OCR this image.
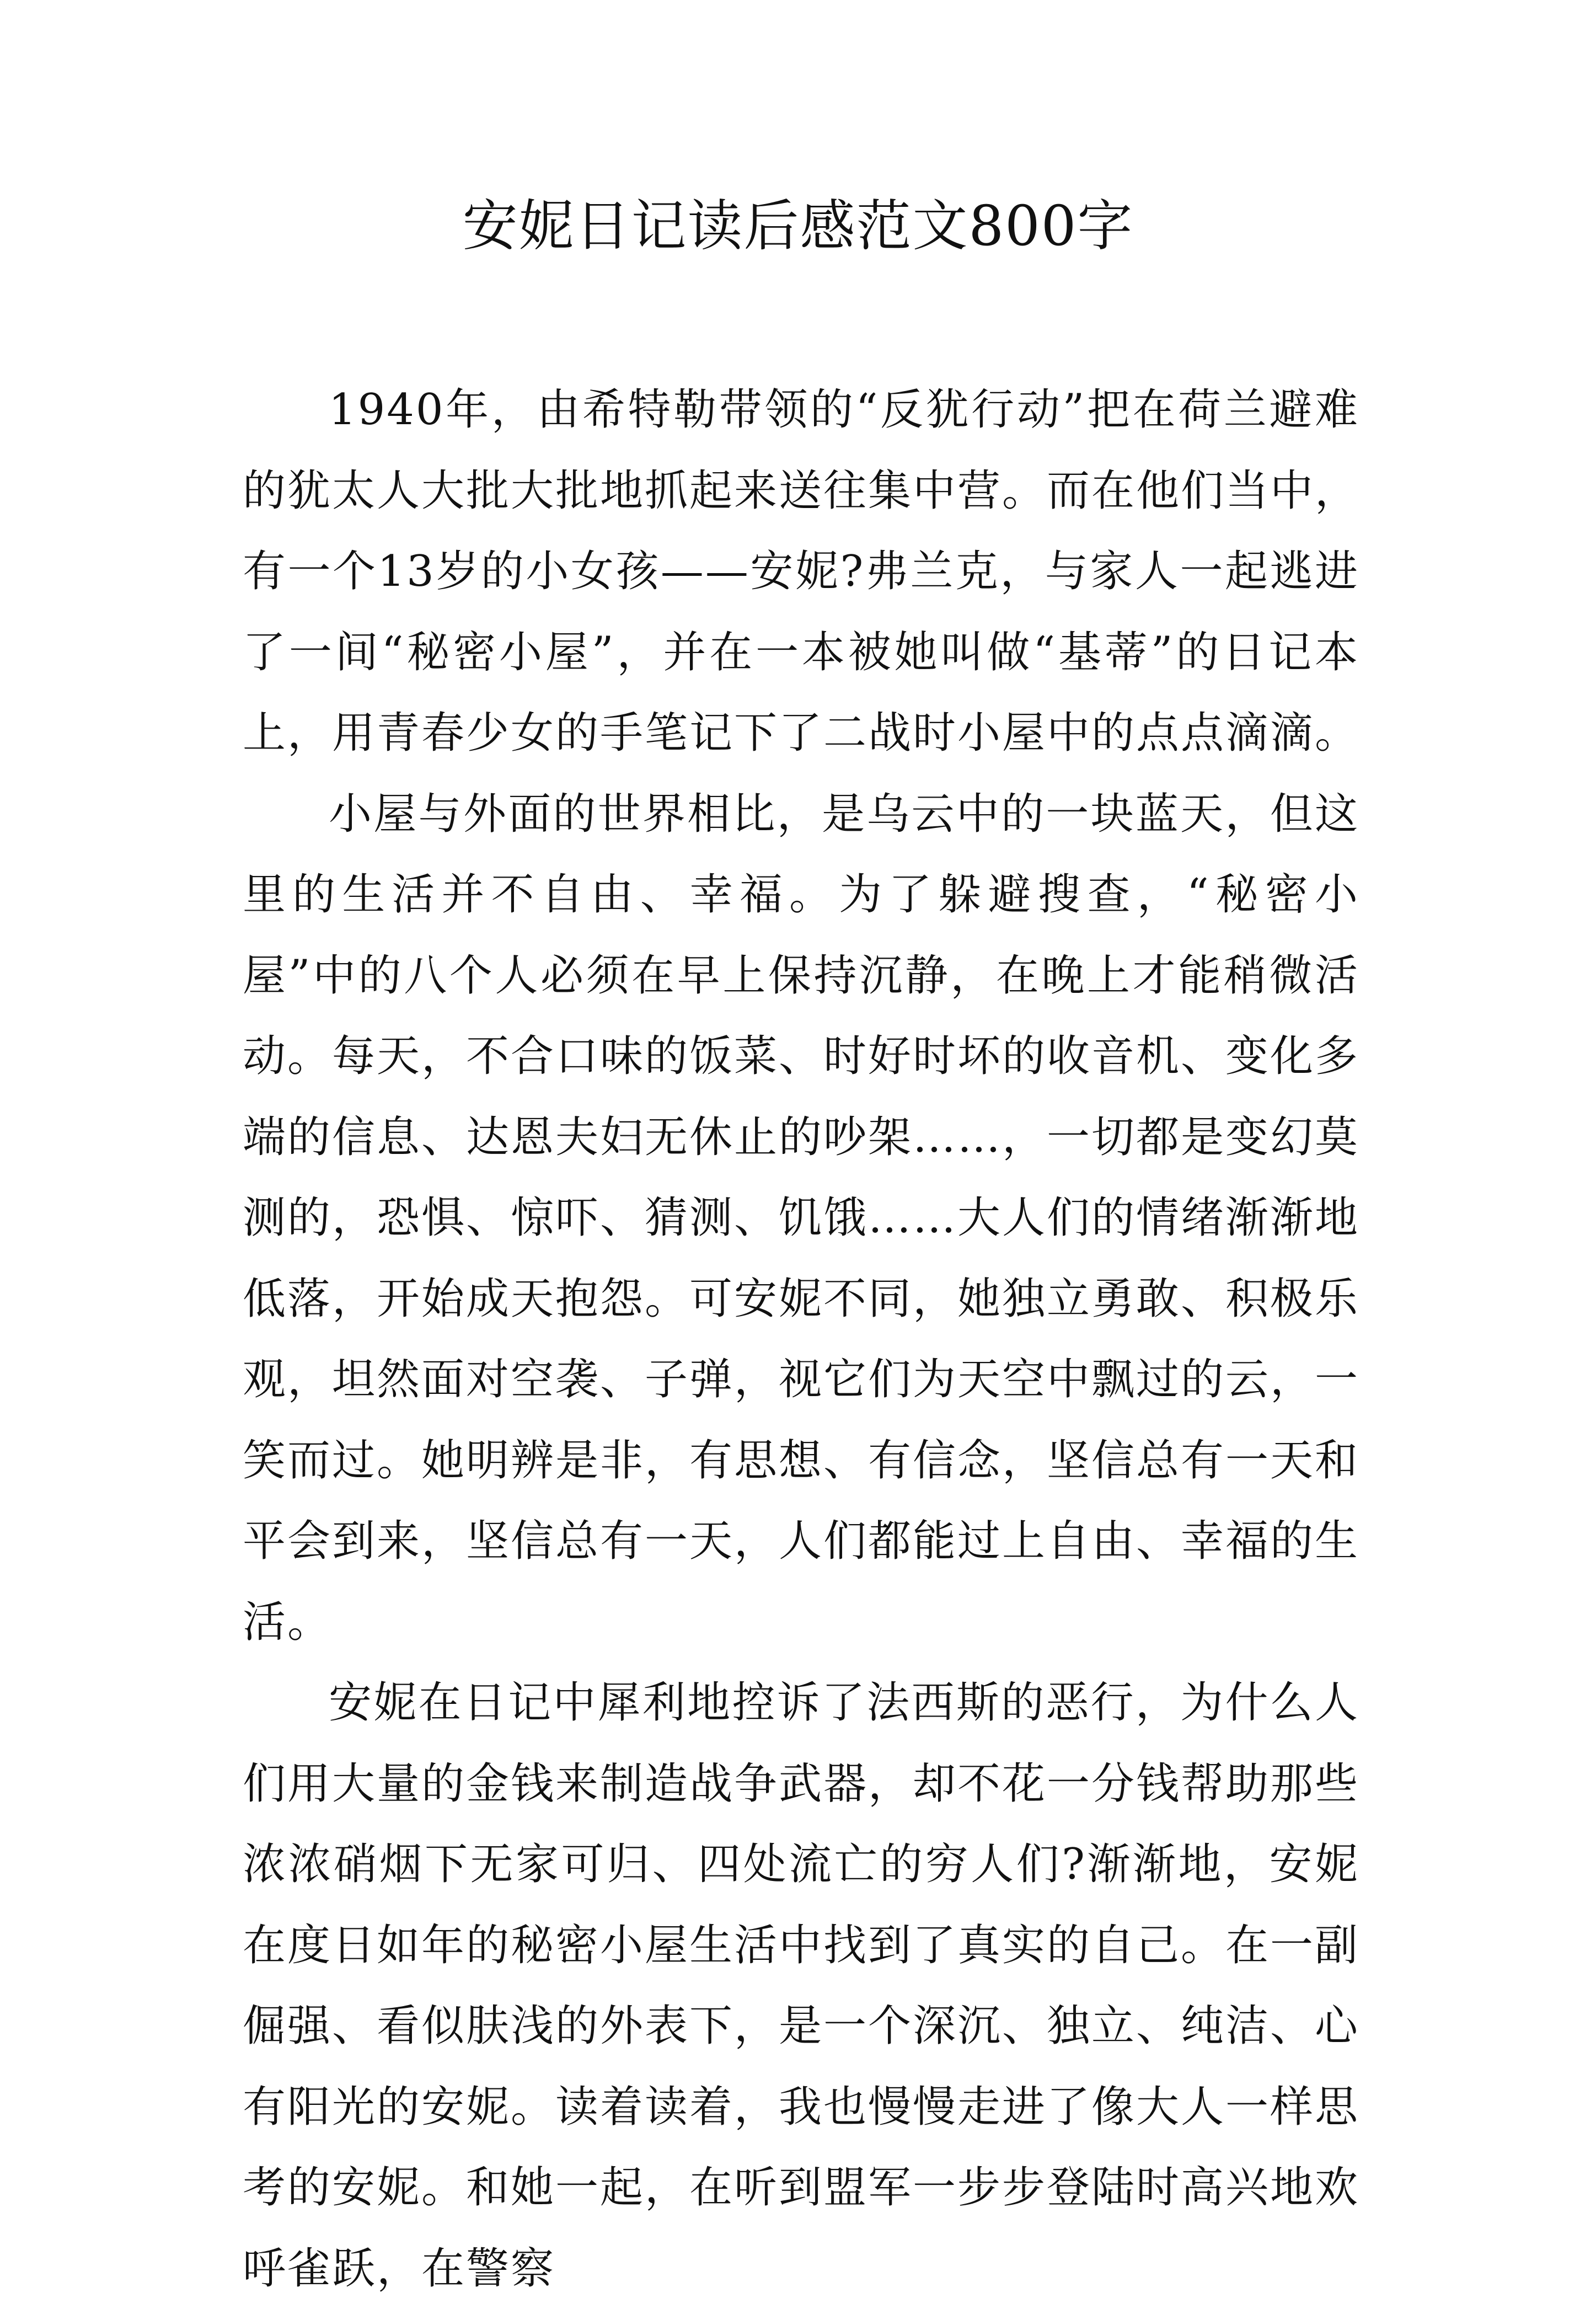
安妮日记读后感范文800字

1940年，由希特勒带领的“反犹行动”把在荷兰避难的犹太人大批大批地抓起来送往集中营。而在他们当中，有一个13岁的小女孩——安妮?弗兰克，与家人一起逃进了一间“秘密小屋”，并在一本被她叫做“基蒂”的日记本上，用青春少女的手笔记下了二战时小屋中的点点滴滴。

小屋与外面的世界相比，是乌云中的一块蓝天，但这里的生活并不自由、幸福。为了躲避搜查，“秘密小屋”中的八个人必须在早上保持沉静，在晚上才能稍微活动。每天，不合口味的饭菜、时好时坏的收音机、变化多端的信息、达恩夫妇无休止的吵架……，一切都是变幻莫测的，恐惧、惊吓、猜测、饥饿……大人们的情绪渐渐地低落，开始成天抱怨。可安妮不同，她独立勇敢、积极乐观，坦然面对空袭、子弹，视它们为天空中飘过的云，一笑而过。她明辨是非，有思想、有信念，坚信总有一天和平会到来，坚信总有一天，人们都能过上自由、幸福的生活。

安妮在日记中犀利地控诉了法西斯的恶行，为什么人们用大量的金钱来制造战争武器，却不花一分钱帮助那些浓浓硝烟下无家可归、四处流亡的穷人们?渐渐地，安妮在度日如年的秘密小屋生活中找到了真实的自己。在一副倔强、看似肤浅的外表下，是一个深沉、独立、纯洁、心有阳光的安妮。读着读着，我也慢慢走进了像大人一样思考的安妮。和她一起，在听到盟军一步步登陆时高兴地欢呼雀跃，在警察
